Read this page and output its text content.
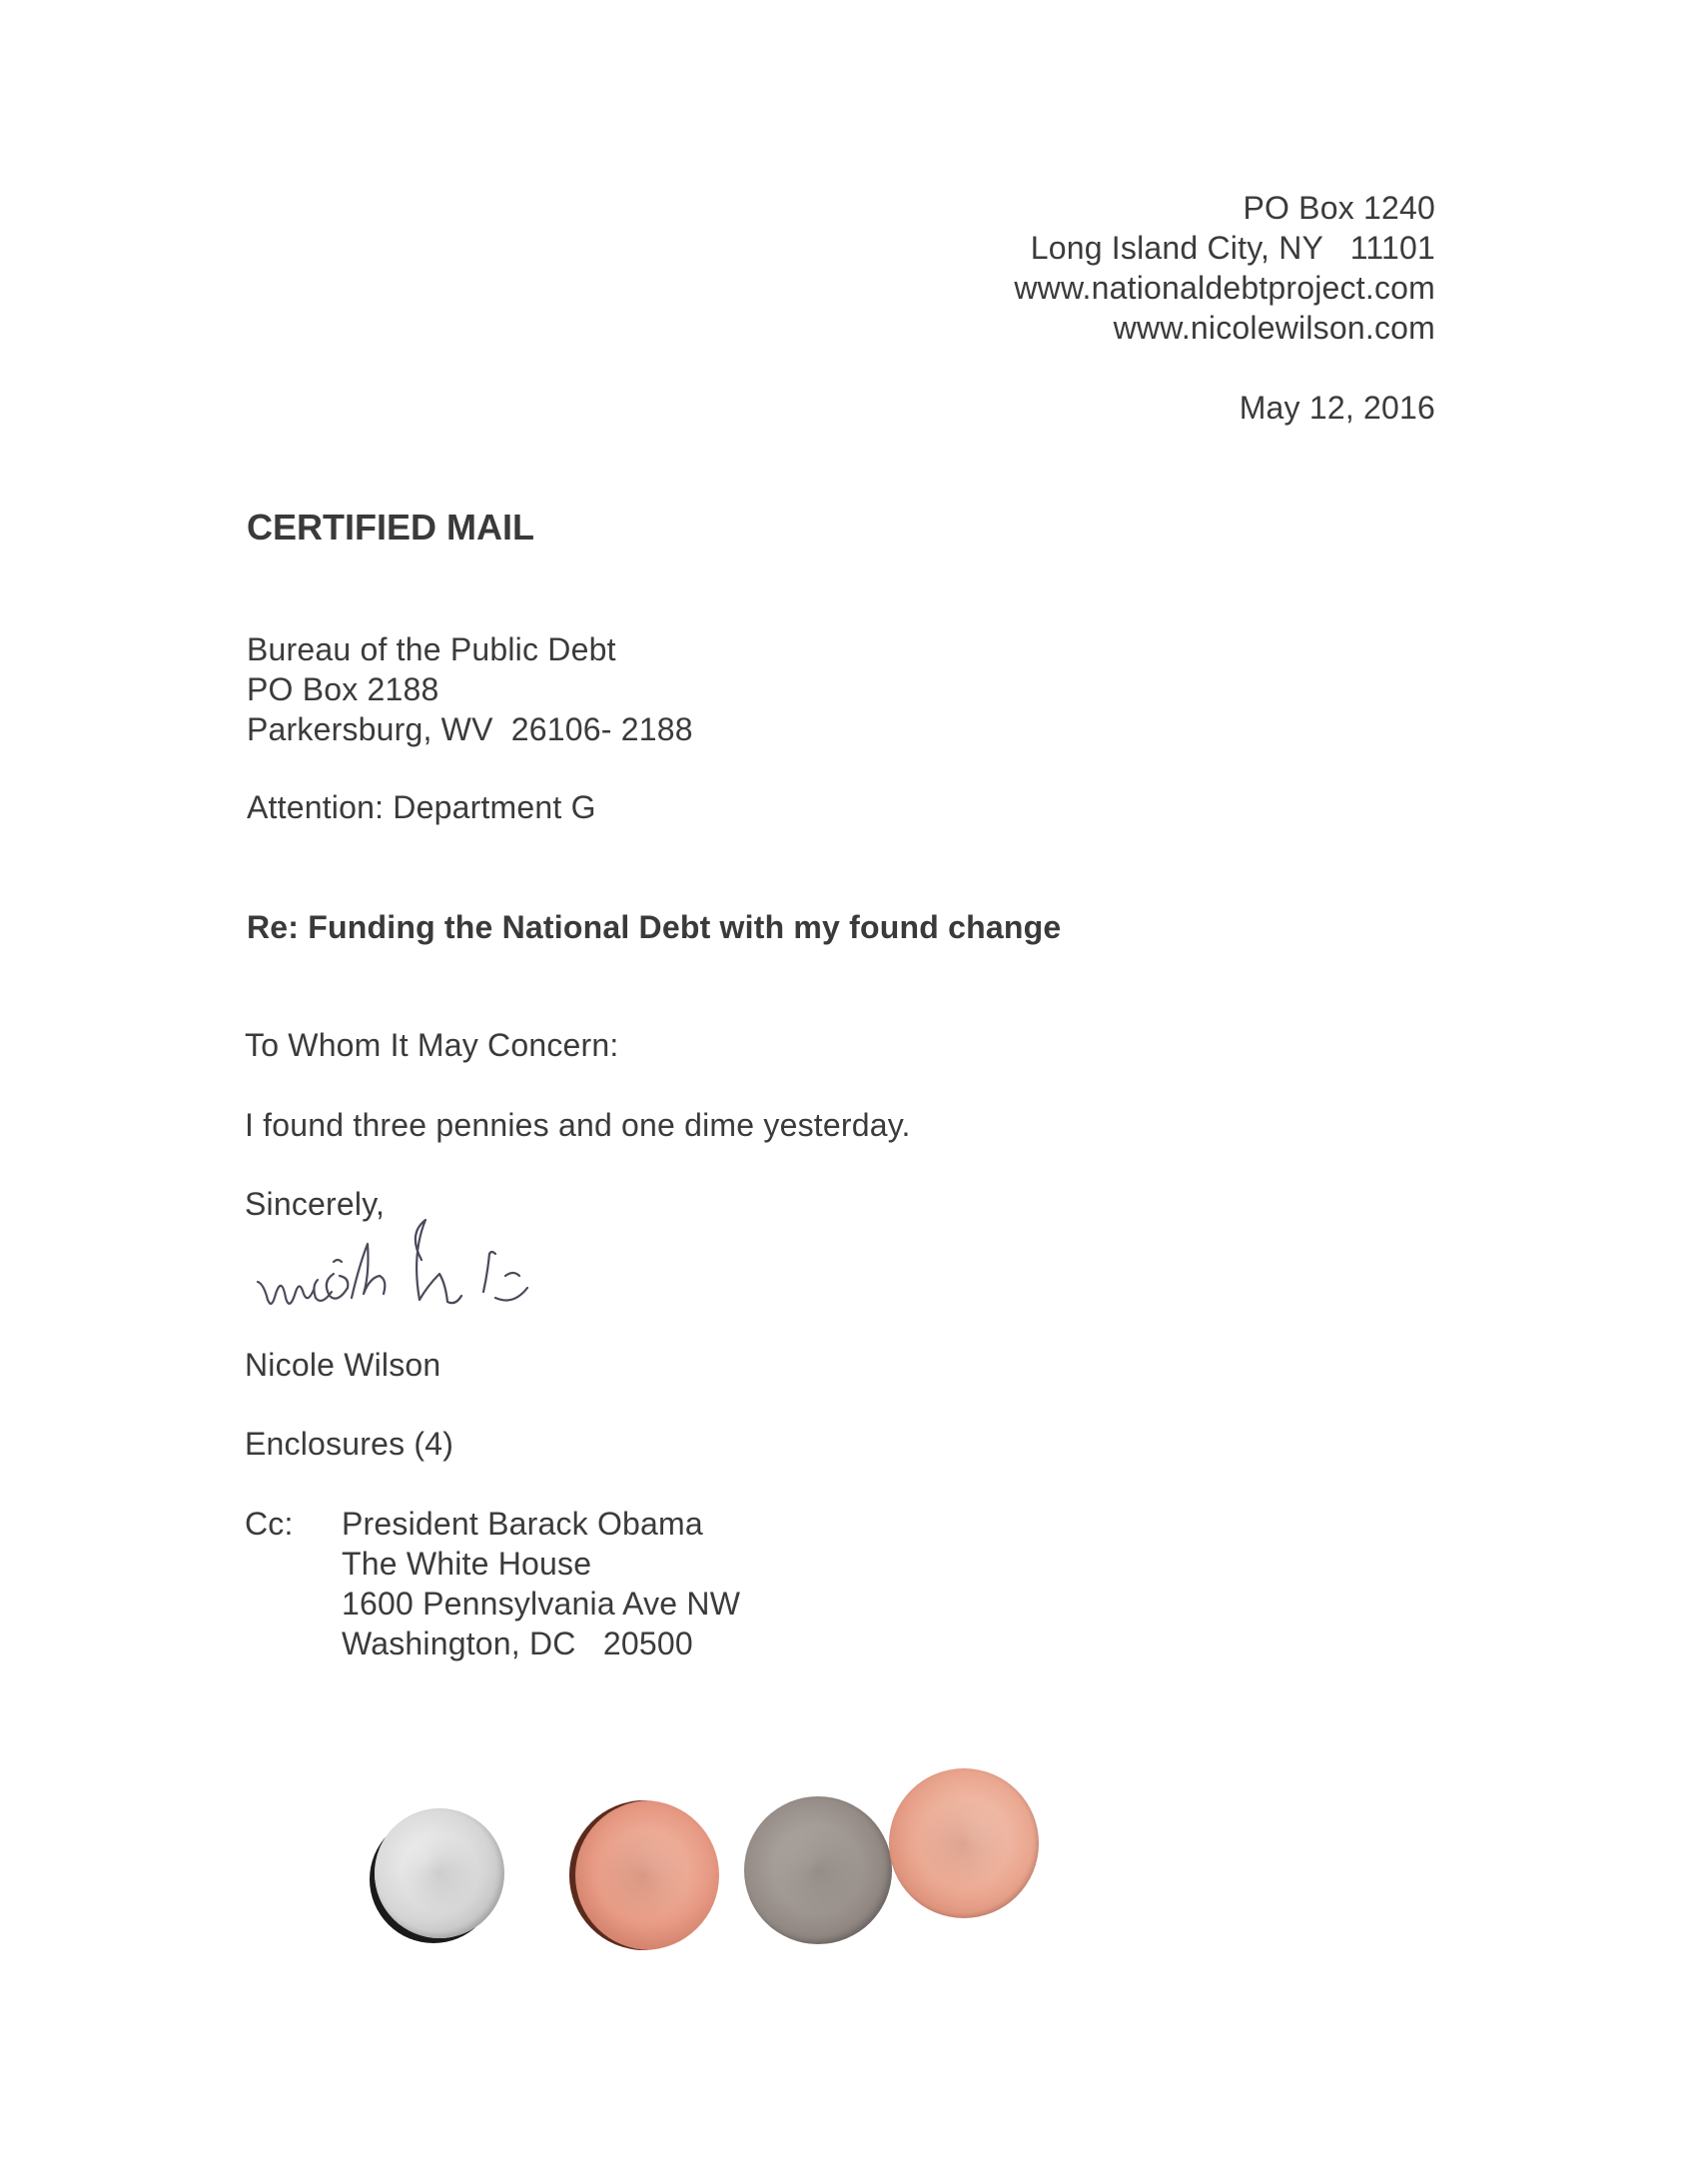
PO Box 1240
Long Island City, NY   11101
www.nationaldebtproject.com
www.nicolewilson.com
May 12, 2016
CERTIFIED MAIL
Bureau of the Public Debt
PO Box 2188
Parkersburg, WV  26106- 2188
Attention: Department G
Re: Funding the National Debt with my found change
To Whom It May Concern:
I found three pennies and one dime yesterday.
Sincerely,
Nicole Wilson
Enclosures (4)
Cc: President Barack Obama
The White House
1600 Pennsylvania Ave NW
Washington, DC   20500
